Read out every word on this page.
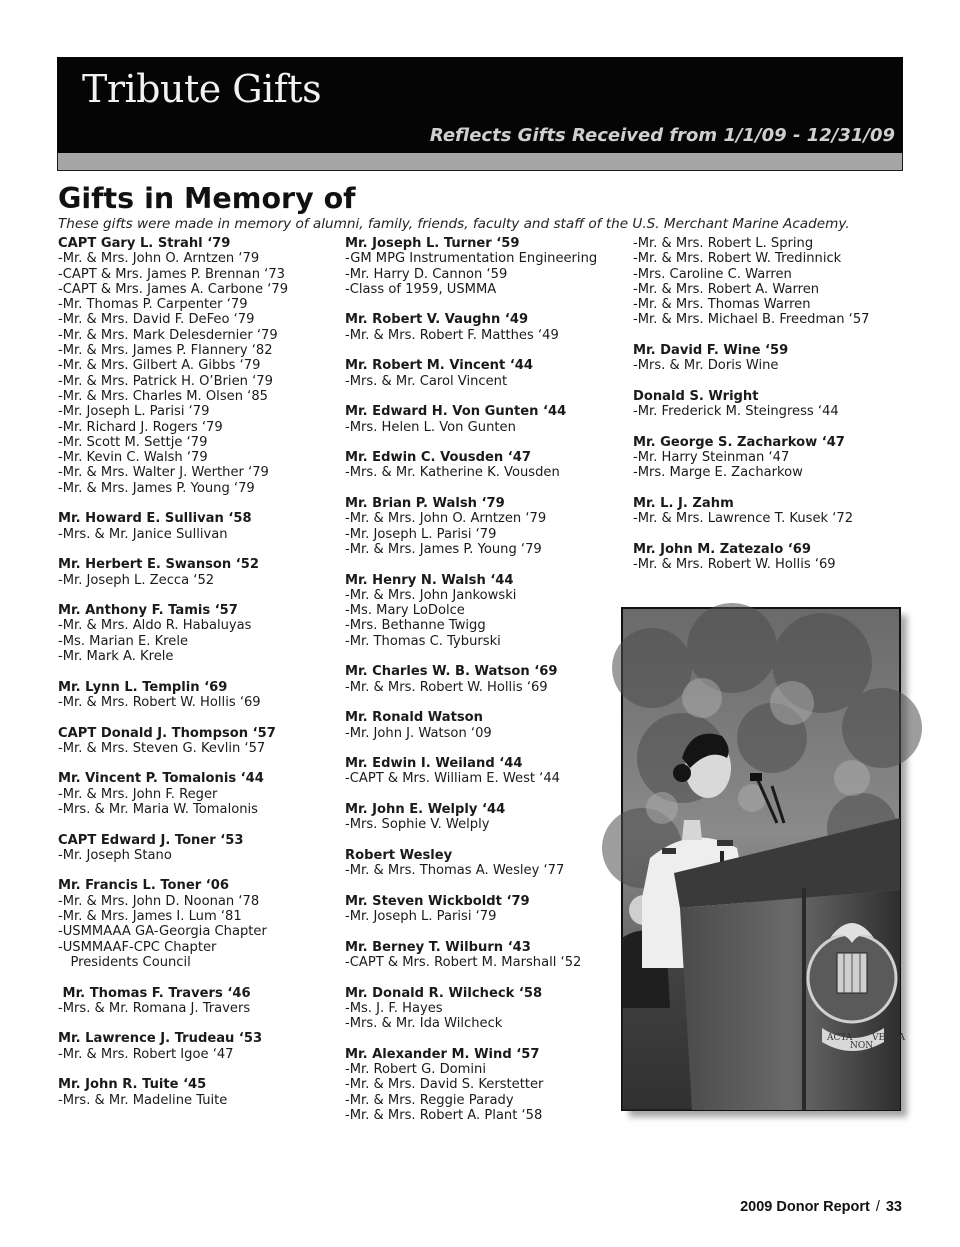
Tribute Gifts
Reflects Gifts Received from 1/1/09 - 12/31/09
Gifts in Memory of

These gifts were made in memory of alumni, family, friends, faculty and staff of the U.S. Merchant Marine Academy.

CAPT Gary L. Strahl ‘79
-Mr. & Mrs. John O. Arntzen ‘79
-CAPT & Mrs. James P. Brennan ‘73
-CAPT & Mrs. James A. Carbone ‘79
-Mr. Thomas P. Carpenter ‘79
-Mr. & Mrs. David F. DeFeo ‘79
-Mr. & Mrs. Mark Delesdernier ‘79
-Mr. & Mrs. James P. Flannery ‘82
-Mr. & Mrs. Gilbert A. Gibbs ‘79
-Mr. & Mrs. Patrick H. O’Brien ‘79
-Mr. & Mrs. Charles M. Olsen ‘85
-Mr. Joseph L. Parisi ‘79
-Mr. Richard J. Rogers ‘79
-Mr. Scott M. Settje ‘79
-Mr. Kevin C. Walsh ‘79
-Mr. & Mrs. Walter J. Werther ‘79
-Mr. & Mrs. James P. Young ‘79
Mr. Howard E. Sullivan ‘58
-Mrs. & Mr. Janice Sullivan
Mr. Herbert E. Swanson ‘52
-Mr. Joseph L. Zecca ‘52
Mr. Anthony F. Tamis ‘57
-Mr. & Mrs. Aldo R. Habaluyas
-Ms. Marian E. Krele
-Mr. Mark A. Krele
Mr. Lynn L. Templin ‘69
-Mr. & Mrs. Robert W. Hollis ‘69
CAPT Donald J. Thompson ‘57
-Mr. & Mrs. Steven G. Kevlin ‘57
Mr. Vincent P. Tomalonis ‘44
-Mr. & Mrs. John F. Reger
-Mrs. & Mr. Maria W. Tomalonis
CAPT Edward J. Toner ‘53
-Mr. Joseph Stano
Mr. Francis L. Toner ‘06
-Mr. & Mrs. John D. Noonan ‘78
-Mr. & Mrs. James I. Lum ‘81
-USMMAAA GA-Georgia Chapter
-USMMAAF-CPC Chapter
Presidents Council
Mr. Thomas F. Travers ‘46
-Mrs. & Mr. Romana J. Travers
Mr. Lawrence J. Trudeau ‘53
-Mr. & Mrs. Robert Igoe ‘47
Mr. John R. Tuite ‘45
-Mrs. & Mr. Madeline Tuite
Mr. Joseph L. Turner ‘59
-GM MPG Instrumentation Engineering
-Mr. Harry D. Cannon ‘59
-Class of 1959, USMMA
Mr. Robert V. Vaughn ‘49
-Mr. & Mrs. Robert F. Matthes ‘49
Mr. Robert M. Vincent ‘44
-Mrs. & Mr. Carol Vincent
Mr. Edward H. Von Gunten ‘44
-Mrs. Helen L. Von Gunten
Mr. Edwin C. Vousden ‘47
-Mrs. & Mr. Katherine K. Vousden
Mr. Brian P. Walsh ‘79
-Mr. & Mrs. John O. Arntzen ‘79
-Mr. Joseph L. Parisi ‘79
-Mr. & Mrs. James P. Young ‘79
Mr. Henry N. Walsh ‘44
-Mr. & Mrs. John Jankowski
-Ms. Mary LoDolce
-Mrs. Bethanne Twigg
-Mr. Thomas C. Tyburski
Mr. Charles W. B. Watson ‘69
-Mr. & Mrs. Robert W. Hollis ‘69
Mr. Ronald Watson
-Mr. John J. Watson ‘09
Mr. Edwin I. Weiland ‘44
-CAPT & Mrs. William E. West ‘44
Mr. John E. Welply ‘44
-Mrs. Sophie V. Welply
Robert Wesley
-Mr. & Mrs. Thomas A. Wesley ‘77
Mr. Steven Wickboldt ‘79
-Mr. Joseph L. Parisi ‘79
Mr. Berney T. Wilburn ‘43
-CAPT & Mrs. Robert M. Marshall ‘52
Mr. Donald R. Wilcheck ‘58
-Ms. J. F. Hayes
-Mrs. & Mr. Ida Wilcheck
Mr. Alexander M. Wind ‘57
-Mr. Robert G. Domini
-Mr. & Mrs. David S. Kerstetter
-Mr. & Mrs. Reggie Parady
-Mr. & Mrs. Robert A. Plant ‘58
-Mr. & Mrs. Robert L. Spring
-Mr. & Mrs. Robert W. Tredinnick
-Mrs. Caroline C. Warren
-Mr. & Mrs. Robert A. Warren
-Mr. & Mrs. Thomas Warren
-Mr. & Mrs. Michael B. Freedman ‘57
Mr. David F. Wine ‘59
-Mrs. & Mr. Doris Wine
Donald S. Wright
-Mr. Frederick M. Steingress ‘44
Mr. George S. Zacharkow ‘47
-Mr. Harry Steinman ‘47
-Mrs. Marge E. Zacharkow
Mr. L. J. Zahm
-Mr. & Mrs. Lawrence T. Kusek ‘72
Mr. John M. Zatezalo ‘69
-Mr. & Mrs. Robert W. Hollis ‘69
ACTA
NON
VERBA
2009 Donor Report / 33
